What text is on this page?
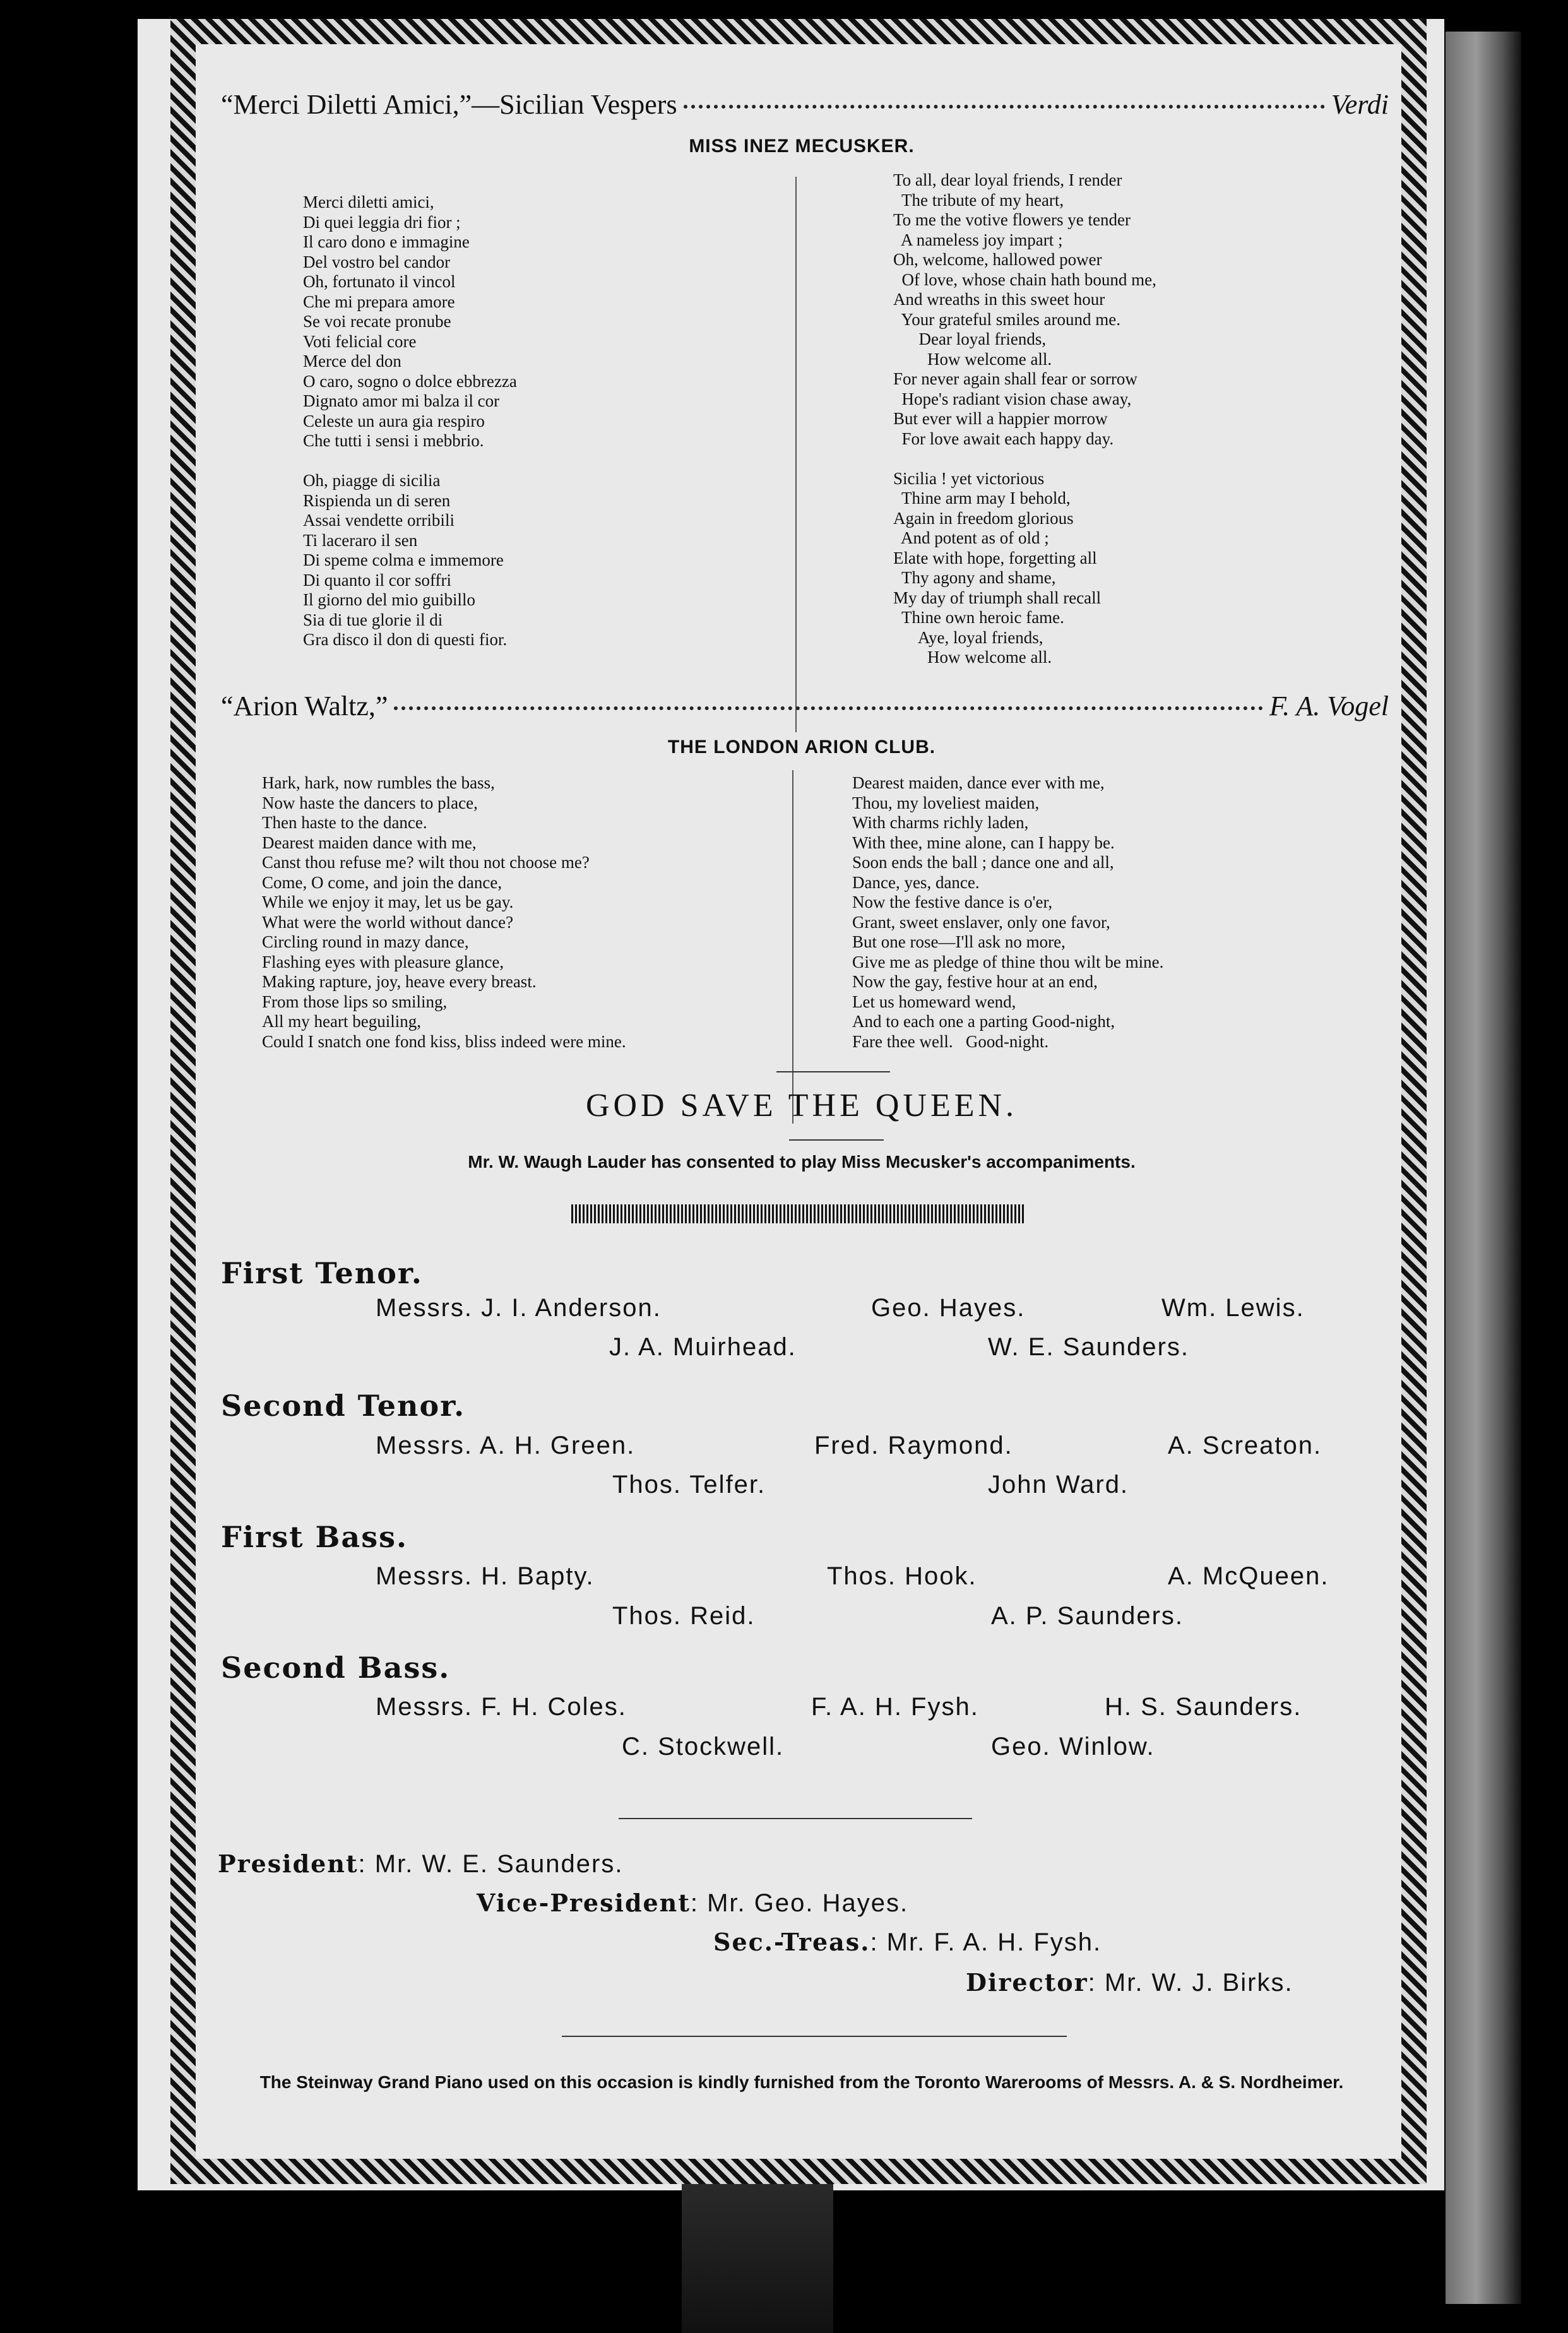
“Merci Diletti Amici,”—Sicilian Vespers	Verdi
MISS INEZ MECUSKER.
Merci diletti amici,
Di quei leggia dri fior ;
Il caro dono e immagine
Del vostro bel candor
Oh, fortunato il vincol
Che mi prepara amore
Se voi recate pronube
Voti felicial core
Merce del don
O caro, sogno o dolce ebbrezza
Dignato amor mi balza il cor
Celeste un aura gia respiro
Che tutti i sensi i mebbrio.

Oh, piagge di sicilia
Rispienda un di seren
Assai vendette orribili
Ti laceraro il sen
Di speme colma e immemore
Di quanto il cor soffri
Il giorno del mio guibillo
Sia di tue glorie il di
Gra disco il don di questi fior.
To all, dear loyal friends, I render
The tribute of my heart,
To me the votive flowers ye tender
A nameless joy impart ;
Oh, welcome, hallowed power
Of love, whose chain hath bound me,
And wreaths in this sweet hour
Your grateful smiles around me.
Dear loyal friends,
How welcome all.
For never again shall fear or sorrow
Hope's radiant vision chase away,
But ever will a happier morrow
For love await each happy day.

Sicilia ! yet victorious
Thine arm may I behold,
Again in freedom glorious
And potent as of old ;
Elate with hope, forgetting all
Thy agony and shame,
My day of triumph shall recall
Thine own heroic fame.
Aye, loyal friends,
How welcome all.
“Arion Waltz,”	F. A. Vogel
THE LONDON ARION CLUB.
Hark, hark, now rumbles the bass,
Now haste the dancers to place,
Then haste to the dance.
Dearest maiden dance with me,
Canst thou refuse me? wilt thou not choose me?
Come, O come, and join the dance,
While we enjoy it may, let us be gay.
What were the world without dance?
Circling round in mazy dance,
Flashing eyes with pleasure glance,
Making rapture, joy, heave every breast.
From those lips so smiling,
All my heart beguiling,
Could I snatch one fond kiss, bliss indeed were mine.
Dearest maiden, dance ever with me,
Thou, my loveliest maiden,
With charms richly laden,
With thee, mine alone, can I happy be.
Soon ends the ball ; dance one and all,
Dance, yes, dance.
Now the festive dance is o'er,
Grant, sweet enslaver, only one favor,
But one rose—I'll ask no more,
Give me as pledge of thine thou wilt be mine.
Now the gay, festive hour at an end,
Let us homeward wend,
And to each one a parting Good-night,
Fare thee well.   Good-night.
GOD SAVE THE QUEEN.
Mr. W. Waugh Lauder has consented to play Miss Mecusker's accompaniments.
First Tenor.
Messrs. J. I. Anderson.	Geo. Hayes.	Wm. Lewis.
J. A. Muirhead.	W. E. Saunders.
Second Tenor.
Messrs. A. H. Green.	Fred. Raymond.	A. Screaton.
Thos. Telfer.	John Ward.
First Bass.
Messrs. H. Bapty.	Thos. Hook.	A. McQueen.
Thos. Reid.	A. P. Saunders.
Second Bass.
Messrs. F. H. Coles.	F. A. H. Fysh.	H. S. Saunders.
C. Stockwell.	Geo. Winlow.
President: Mr. W. E. Saunders.
Vice-President: Mr. Geo. Hayes.
Sec.-Treas.: Mr. F. A. H. Fysh.
Director: Mr. W. J. Birks.
The Steinway Grand Piano used on this occasion is kindly furnished from the Toronto Warerooms of Messrs. A. & S. Nordheimer.
